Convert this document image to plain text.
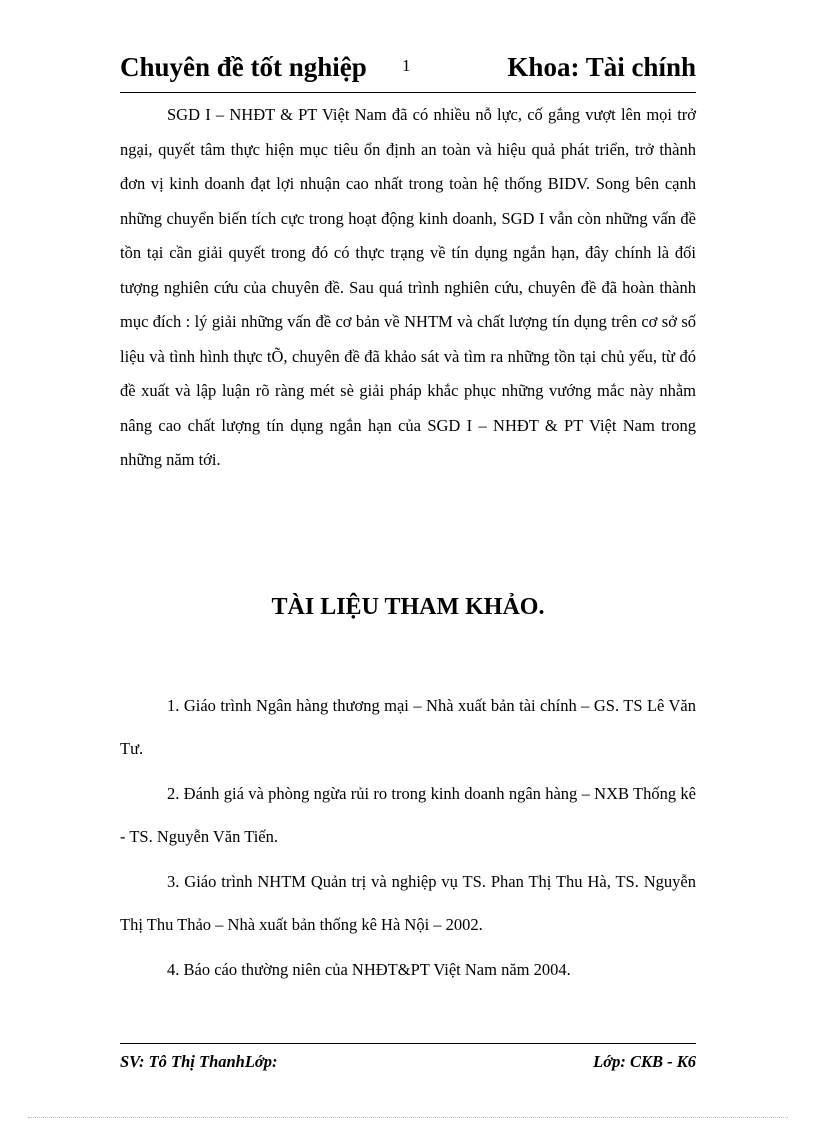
Chuyên đề tốt nghiệp 1	Khoa: Tài chính

SGD I – NHĐT & PT Việt Nam đã có nhiều nỗ lực, cố gắng vượt lên mọi trở ngại, quyết tâm thực hiện mục tiêu ổn định an toàn và hiệu quả phát triển, trở thành đơn vị kinh doanh đạt lợi nhuận cao nhất trong toàn hệ thống BIDV. Song bên cạnh những chuyển biến tích cực trong hoạt động kinh doanh, SGD I vẫn còn những vấn đề tồn tại cần giải quyết trong đó có thực trạng về tín dụng ngắn hạn, đây chính là đối tượng nghiên cứu của chuyên đề. Sau quá trình nghiên cứu, chuyên đề đã hoàn thành mục đích : lý giải những vấn đề cơ bản về NHTM và chất lượng tín dụng trên cơ sở số liệu và tình hình thực tÕ, chuyên đề đã khảo sát và tìm ra những tồn tại chủ yếu, từ đó đề xuất và lập luận rõ ràng mét sè giải pháp khắc phục những vướng mắc này nhằm nâng cao chất lượng tín dụng ngắn hạn của SGD I – NHĐT & PT Việt Nam trong những năm tới.

TÀI LIỆU THAM KHẢO.
1. Giáo trình Ngân hàng thương mại – Nhà xuất bản tài chính – GS. TS Lê Văn Tư.
2. Đánh giá và phòng ngừa rủi ro trong kinh doanh ngân hàng – NXB Thống kê - TS. Nguyễn Văn Tiến.
3. Giáo trình NHTM Quản trị và nghiệp vụ TS. Phan Thị Thu Hà, TS. Nguyễn Thị Thu Thảo – Nhà xuất bản thống kê Hà Nội – 2002.
4. Báo cáo thường niên của NHĐT&PT Việt Nam năm 2004.
SV: Tô Thị ThanhLớp:	Lớp: CKB - K6
